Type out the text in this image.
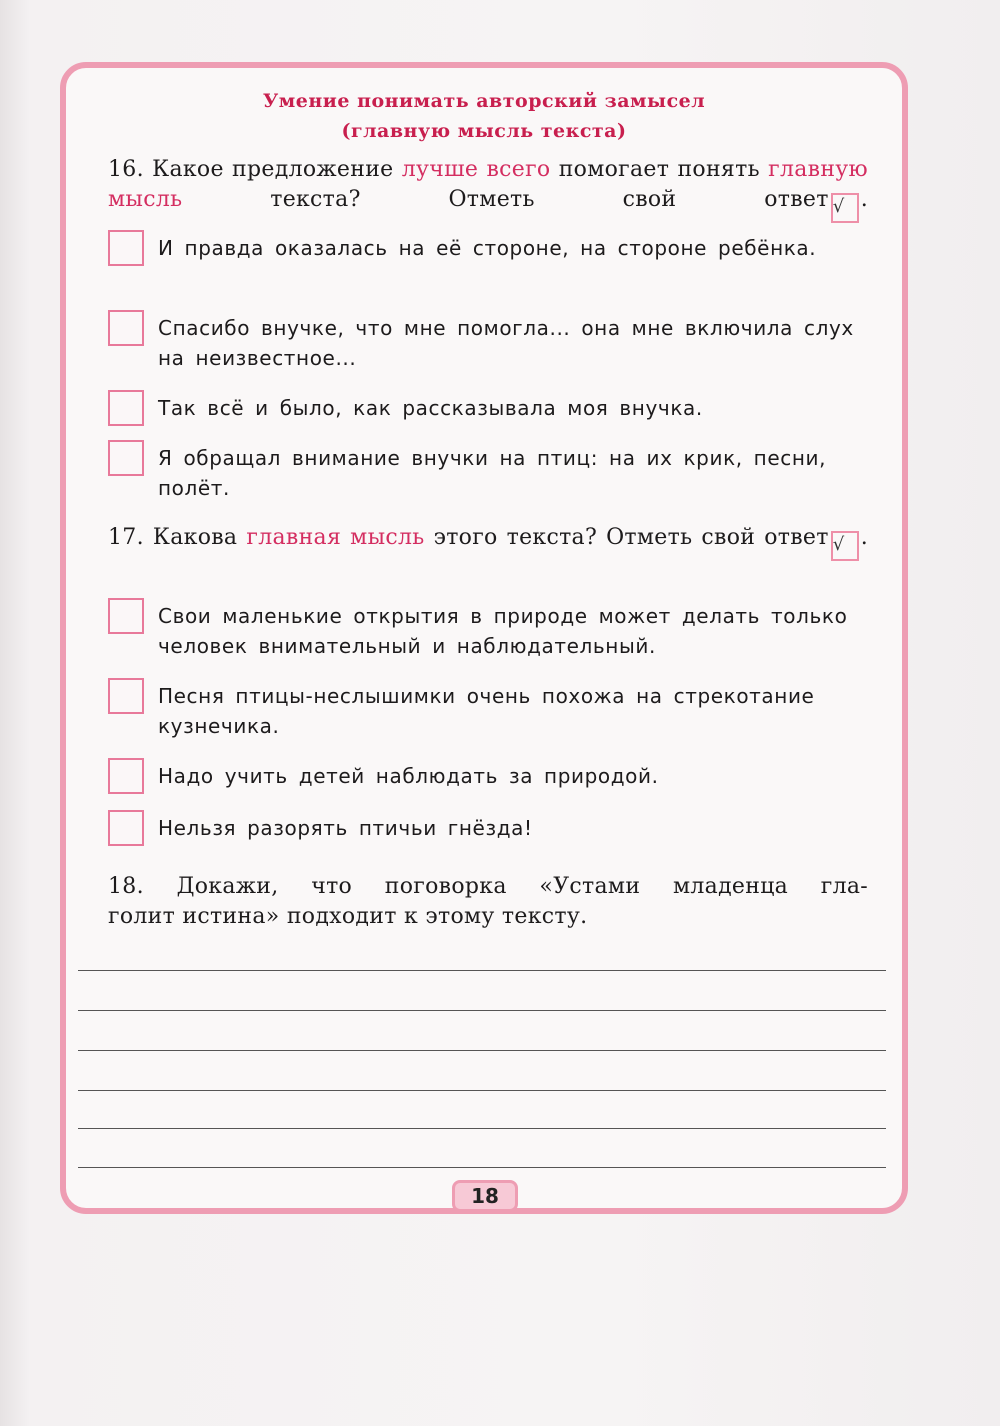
Умение понимать авторский замысел
(главную мысль текста)
16. Какое предложение лучше всего помогает понять главную мысль текста? Отметь свой ответ √ .
И правда оказалась на её стороне, на стороне ребёнка.
Спасибо внучке, что мне помогла... она мне включила слух на неизвестное...
Так всё и было, как рассказывала моя внучка.
Я обращал внимание внучки на птиц: на их крик, песни, полёт.
17. Какова главная мысль этого текста? Отметь свой ответ √ .
Свои маленькие открытия в природе может делать только человек внимательный и наблюдательный.
Песня птицы-неслышимки очень похожа на стрекотание кузнечика.
Надо учить детей наблюдать за природой.
Нельзя разорять птичьи гнёзда!
18. Докажи, что поговорка «Устами младенца гла-
голит истина» подходит к этому тексту.
18
